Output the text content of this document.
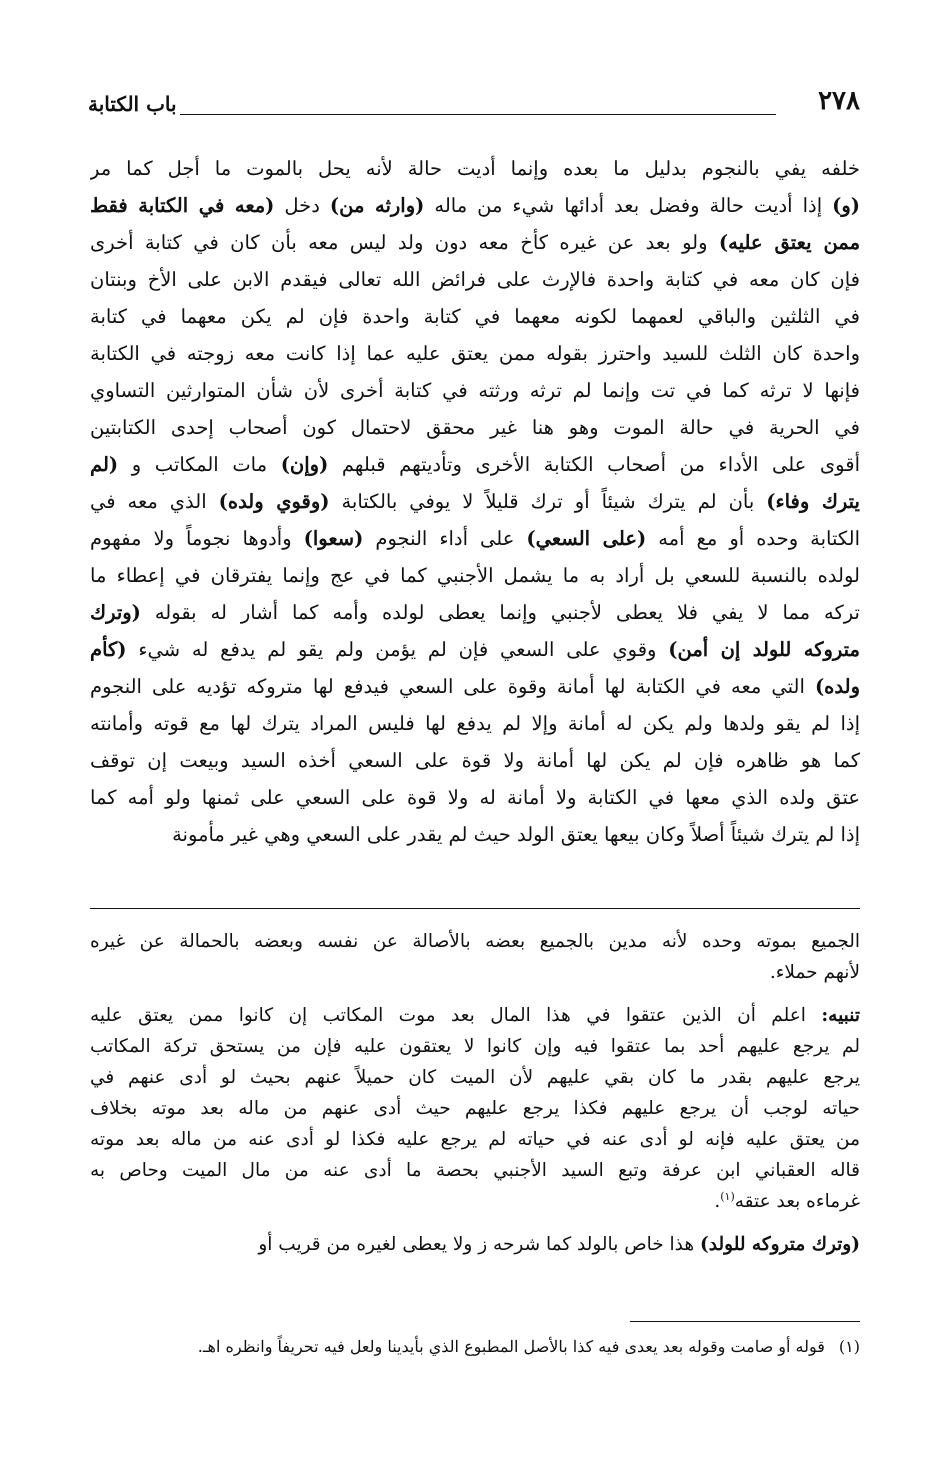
٢٧٨
باب الكتابة
خلفه يفي بالنجوم بدليل ما بعده وإنما أديت حالة لأنه يحل بالموت ما أجل كما مر
(و) إذا أديت حالة وفضل بعد أدائها شيء من ماله (وارثه من) دخل (معه في الكتابة فقط
ممن يعتق عليه) ولو بعد عن غيره كأخ معه دون ولد ليس معه بأن كان في كتابة أخرى
فإن كان معه في كتابة واحدة فالإرث على فرائض الله تعالى فيقدم الابن على الأخ وبنتان
في الثلثين والباقي لعمهما لكونه معهما في كتابة واحدة فإن لم يكن معهما في كتابة
واحدة كان الثلث للسيد واحترز بقوله ممن يعتق عليه عما إذا كانت معه زوجته في الكتابة
فإنها لا ترثه كما في تت وإنما لم ترثه ورثته في كتابة أخرى لأن شأن المتوارثين التساوي
في الحرية في حالة الموت وهو هنا غير محقق لاحتمال كون أصحاب إحدى الكتابتين
أقوى على الأداء من أصحاب الكتابة الأخرى وتأديتهم قبلهم (وإن) مات المكاتب و (لم
يترك وفاء) بأن لم يترك شيئاً أو ترك قليلاً لا يوفي بالكتابة (وقوي ولده) الذي معه في
الكتابة وحده أو مع أمه (على السعي) على أداء النجوم (سعوا) وأدوها نجوماً ولا مفهوم
لولده بالنسبة للسعي بل أراد به ما يشمل الأجنبي كما في عج وإنما يفترقان في إعطاء ما
تركه مما لا يفي فلا يعطى لأجنبي وإنما يعطى لولده وأمه كما أشار له بقوله (وترك
متروكه للولد إن أمن) وقوي على السعي فإن لم يؤمن ولم يقو لم يدفع له شيء (كأم
ولده) التي معه في الكتابة لها أمانة وقوة على السعي فيدفع لها متروكه تؤديه على النجوم
إذا لم يقو ولدها ولم يكن له أمانة وإلا لم يدفع لها فليس المراد يترك لها مع قوته وأمانته
كما هو ظاهره فإن لم يكن لها أمانة ولا قوة على السعي أخذه السيد وبيعت إن توقف
عتق ولده الذي معها في الكتابة ولا أمانة له ولا قوة على السعي على ثمنها ولو أمه كما
إذا لم يترك شيئاً أصلاً وكان بيعها يعتق الولد حيث لم يقدر على السعي وهي غير مأمونة
الجميع بموته وحده لأنه مدين بالجميع بعضه بالأصالة عن نفسه وبعضه بالحمالة عن غيره
لأنهم حملاء.
تنبيه: اعلم أن الذين عتقوا في هذا المال بعد موت المكاتب إن كانوا ممن يعتق عليه
لم يرجع عليهم أحد بما عتقوا فيه وإن كانوا لا يعتقون عليه فإن من يستحق تركة المكاتب
يرجع عليهم بقدر ما كان بقي عليهم لأن الميت كان حميلاً عنهم بحيث لو أدى عنهم في
حياته لوجب أن يرجع عليهم فكذا يرجع عليهم حيث أدى عنهم من ماله بعد موته بخلاف
من يعتق عليه فإنه لو أدى عنه في حياته لم يرجع عليه فكذا لو أدى عنه من ماله بعد موته
قاله العقباني ابن عرفة وتبع السيد الأجنبي بحصة ما أدى عنه من مال الميت وحاص به
غرماءه بعد عتقه$^{(١)}$.
(وترك متروكه للولد) هذا خاص بالولد كما شرحه ز ولا يعطى لغيره من قريب أو
(١)قوله أو صامت وقوله بعد يعدى فيه كذا بالأصل المطبوع الذي بأيدينا ولعل فيه تحريفاً وانظره اهـ.
